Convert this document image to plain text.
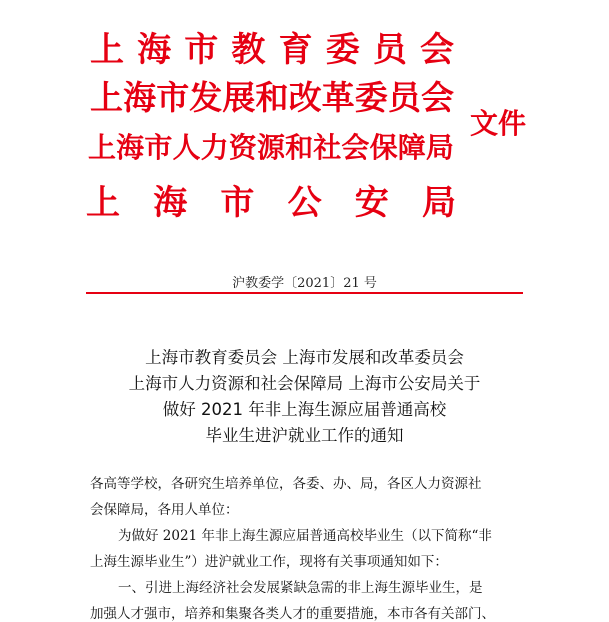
上 海 市 教 育 委 员 会
上 海 市 发 展 和 改 革 委 员 会
上 海 市 人 力 资 源 和 社 会 保 障 局
上 海 市 公 安 局
文件
沪教委学〔2021〕21 号
上海市教育委员会 上海市发展和改革委员会
上海市人力资源和社会保障局 上海市公安局关于
做好 2021 年非上海生源应届普通高校
毕业生进沪就业工作的通知
各高等学校，各研究生培养单位，各委、办、局，各区人力资源社
会保障局，各用人单位：
为做好 2021 年非上海生源应届普通高校毕业生（以下简称“非
上海生源毕业生”）进沪就业工作，现将有关事项通知如下：
一、引进上海经济社会发展紧缺急需的非上海生源毕业生，是
加强人才强市，培养和集聚各类人才的重要措施，本市各有关部门、
